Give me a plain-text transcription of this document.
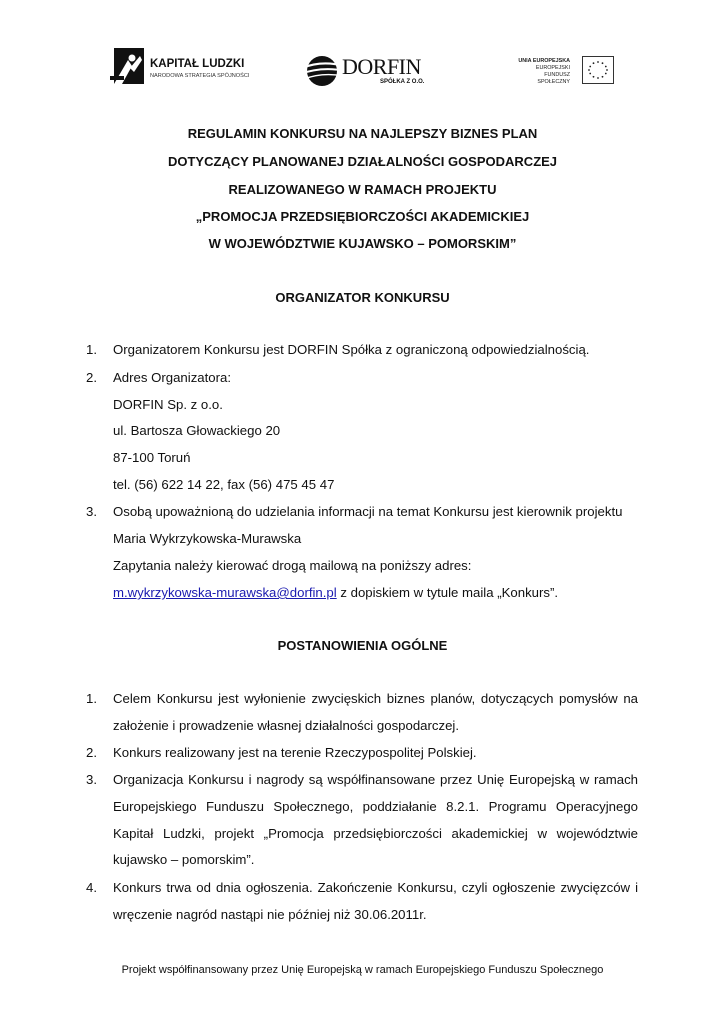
KAPITAŁ LUDZKI
NARODOWA STRATEGIA SPÓJNOŚCI	DORFIN
SPÓŁKA Z O.O.
UNIA EUROPEJSKA
EUROPEJSKI
FUNDUSZ SPOŁECZNY
REGULAMIN KONKURSU NA NAJLEPSZY BIZNES PLAN
DOTYCZĄCY PLANOWANEJ DZIAŁALNOŚCI GOSPODARCZEJ
REALIZOWANEGO W RAMACH PROJEKTU
„PROMOCJA PRZEDSIĘBIORCZOŚCI AKADEMICKIEJ
W WOJEWÓDZTWIE KUJAWSKO – POMORSKIM”
ORGANIZATOR KONKURSU
1. Organizatorem Konkursu jest DORFIN Spółka z ograniczoną odpowiedzialnością.
2. Adres Organizatora:
DORFIN Sp. z o.o.
ul. Bartosza Głowackiego 20
87-100 Toruń
tel. (56) 622 14 22, fax (56) 475 45 47
3. Osobą upoważnioną do udzielania informacji na temat Konkursu jest kierownik projektu
Maria Wykrzykowska-Murawska
Zapytania należy kierować drogą mailową na poniższy adres:
m.wykrzykowska-murawska@dorfin.pl z dopiskiem w tytule maila „Konkurs”.
POSTANOWIENIA OGÓLNE
1. Celem Konkursu jest wyłonienie zwycięskich biznes planów, dotyczących pomysłów na
założenie i prowadzenie własnej działalności gospodarczej.
2. Konkurs realizowany jest na terenie Rzeczypospolitej Polskiej.
3. Organizacja Konkursu i nagrody są współfinansowane przez Unię Europejską w ramach
Europejskiego Funduszu Społecznego, poddziałanie 8.2.1. Programu Operacyjnego
Kapitał Ludzki, projekt „Promocja przedsiębiorczości akademickiej w województwie
kujawsko – pomorskim”.
4. Konkurs trwa od dnia ogłoszenia. Zakończenie Konkursu, czyli ogłoszenie zwycięzców i
wręczenie nagród nastąpi nie później niż 30.06.2011r.
Projekt współfinansowany przez Unię Europejską w ramach Europejskiego Funduszu Społecznego
